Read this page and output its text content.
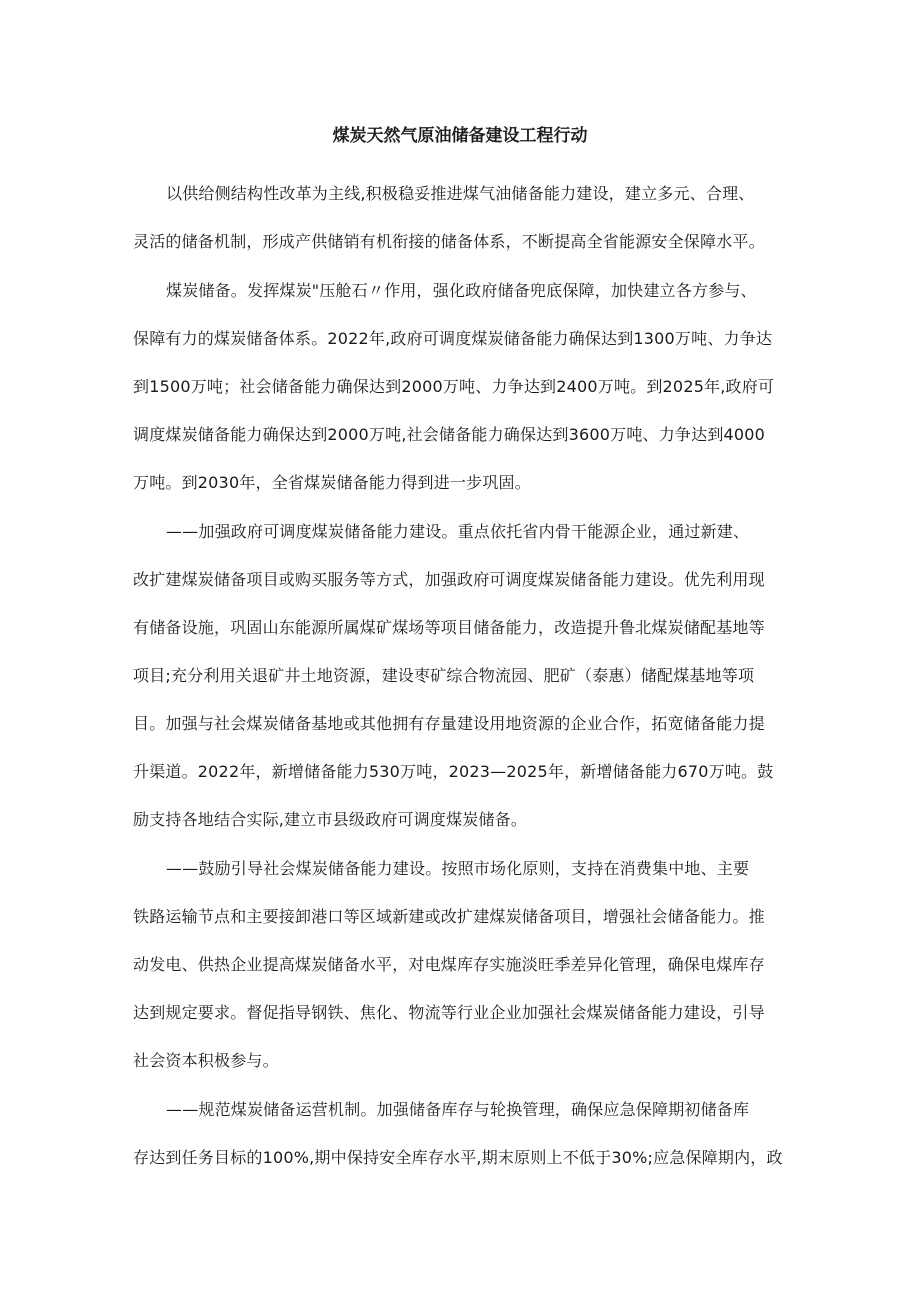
煤炭天然气原油储备建设工程行动
以供给侧结构性改革为主线,积极稳妥推进煤气油储备能力建设，建立多元、合理、
灵活的储备机制，形成产供储销有机衔接的储备体系，不断提高全省能源安全保障水平。
煤炭储备。发挥煤炭"压舱石〃作用，强化政府储备兜底保障，加快建立各方参与、
保障有力的煤炭储备体系。2022年,政府可调度煤炭储备能力确保达到1300万吨、力争达
到1500万吨；社会储备能力确保达到2000万吨、力争达到2400万吨。到2025年,政府可
调度煤炭储备能力确保达到2000万吨,社会储备能力确保达到3600万吨、力争达到4000
万吨。到2030年，全省煤炭储备能力得到进一步巩固。
——加强政府可调度煤炭储备能力建设。重点依托省内骨干能源企业，通过新建、
改扩建煤炭储备项目或购买服务等方式，加强政府可调度煤炭储备能力建设。优先利用现
有储备设施，巩固山东能源所属煤矿煤场等项目储备能力，改造提升鲁北煤炭储配基地等
项目;充分利用关退矿井土地资源，建设枣矿综合物流园、肥矿（泰惠）储配煤基地等项
目。加强与社会煤炭储备基地或其他拥有存量建设用地资源的企业合作，拓宽储备能力提
升渠道。2022年，新增储备能力530万吨，2023—2025年，新增储备能力670万吨。鼓
励支持各地结合实际,建立市县级政府可调度煤炭储备。
——鼓励引导社会煤炭储备能力建设。按照市场化原则，支持在消费集中地、主要
铁路运输节点和主要接卸港口等区域新建或改扩建煤炭储备项目，增强社会储备能力。推
动发电、供热企业提高煤炭储备水平，对电煤库存实施淡旺季差异化管理，确保电煤库存
达到规定要求。督促指导钢铁、焦化、物流等行业企业加强社会煤炭储备能力建设，引导
社会资本积极参与。
——规范煤炭储备运营机制。加强储备库存与轮换管理，确保应急保障期初储备库
存达到任务目标的100%,期中保持安全库存水平,期末原则上不低于30%;应急保障期内，政
